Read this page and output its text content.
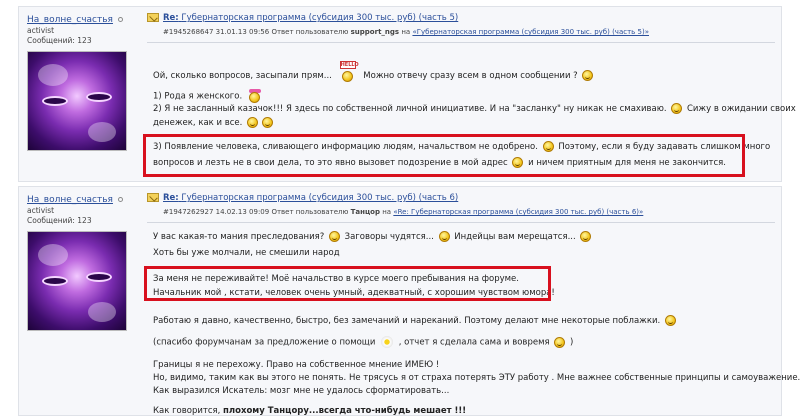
На_волне_счастья
activist
Сообщений: 123
Re: Губернаторская программа (субсидия 300 тыс. руб) (часть 5)
#1945268647 31.01.13 09:56 Ответ пользователю support_ngs на «Губернаторская программа (субсидия 300 тыс. руб) (часть 5)»
Ой, сколько вопросов, засыпали прям...
HELLO
Можно отвечу сразу всем в одном сообщении ?
1) Рода я женского.
2) Я не засланный казачок!!! Я здесь по собственной личной инициативе. И на "засланку" ну никак не смахиваю. Сижу в ожидании своих
денежек, как и все.
3) Появление человека, сливающего информацию людям, начальством не одобрено. Поэтому, если я буду задавать слишком много
вопросов и лезть не в свои дела, то это явно вызовет подозрение в мой адрес и ничем приятным для меня не закончится.
На_волне_счастья
activist
Сообщений: 123
Re: Губернаторская программа (субсидия 300 тыс. руб) (часть 6)
#1947262927 14.02.13 09:09 Ответ пользователю Танцор на «Re: Губернаторская программа (субсидия 300 тыс. руб) (часть 6)»
У вас какая-то мания преследования? Заговоры чудятся... Индейцы вам мерещатся...
Хоть бы уже молчали, не смешили народ
За меня не переживайте! Моё начальство в курсе моего пребывания на форуме.
Начальник мой , кстати, человек очень умный, адекватный, с хорошим чувством юмора!
Работаю я давно, качественно, быстро, без замечаний и нареканий. Поэтому делают мне некоторые поблажки.
(спасибо форумчанам за предложение о помощи	, отчет я сделала сама и вовремя )
Границы я не перехожу. Право на собственное мнение ИМЕЮ !
Но, видимо, таким как вы этого не понять. Не трясусь я от страха потерять ЭТУ работу . Мне важнее собственные принципы и самоуважение.
Как выразился Искатель: мозг мне не удалось сформатировать...
Как говорится, плохому Танцору...всегда что-нибудь мешает !!!
